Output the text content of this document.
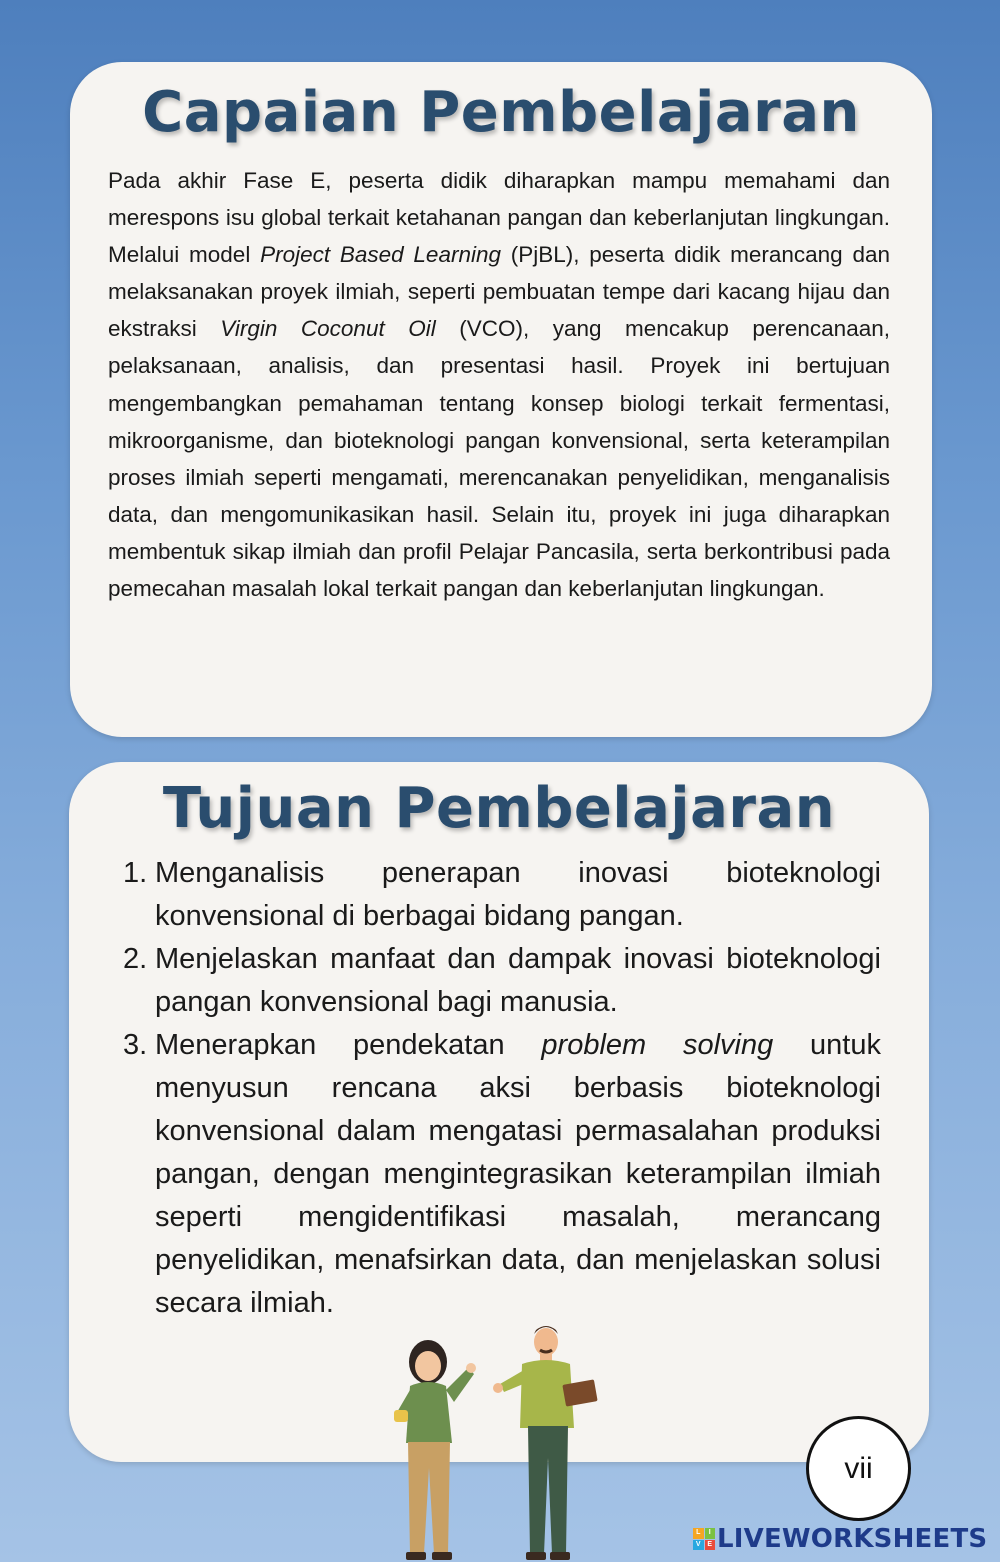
Capaian Pembelajaran
Pada akhir Fase E, peserta didik diharapkan mampu memahami dan merespons isu global terkait ketahanan pangan dan keberlanjutan lingkungan. Melalui model Project Based Learning (PjBL), peserta didik merancang dan melaksanakan proyek ilmiah, seperti pembuatan tempe dari kacang hijau dan ekstraksi Virgin Coconut Oil (VCO), yang mencakup perencanaan, pelaksanaan, analisis, dan presentasi hasil. Proyek ini bertujuan mengembangkan pemahaman tentang konsep biologi terkait fermentasi, mikroorganisme, dan bioteknologi pangan konvensional, serta keterampilan proses ilmiah seperti mengamati, merencanakan penyelidikan, menganalisis data, dan mengomunikasikan hasil. Selain itu, proyek ini juga diharapkan membentuk sikap ilmiah dan profil Pelajar Pancasila, serta berkontribusi pada pemecahan masalah lokal terkait pangan dan keberlanjutan lingkungan.
Tujuan Pembelajaran
1. Menganalisis penerapan inovasi bioteknologi konvensional di berbagai bidang pangan.
2. Menjelaskan manfaat dan dampak inovasi bioteknologi pangan konvensional bagi manusia.
3. Menerapkan pendekatan problem solving untuk menyusun rencana aksi berbasis bioteknologi konvensional dalam mengatasi permasalahan produksi pangan, dengan mengintegrasikan keterampilan ilmiah seperti mengidentifikasi masalah, merancang penyelidikan, menafsirkan data, dan menjelaskan solusi secara ilmiah.
vii
L	I
V E LIVEWORKSHEETS
